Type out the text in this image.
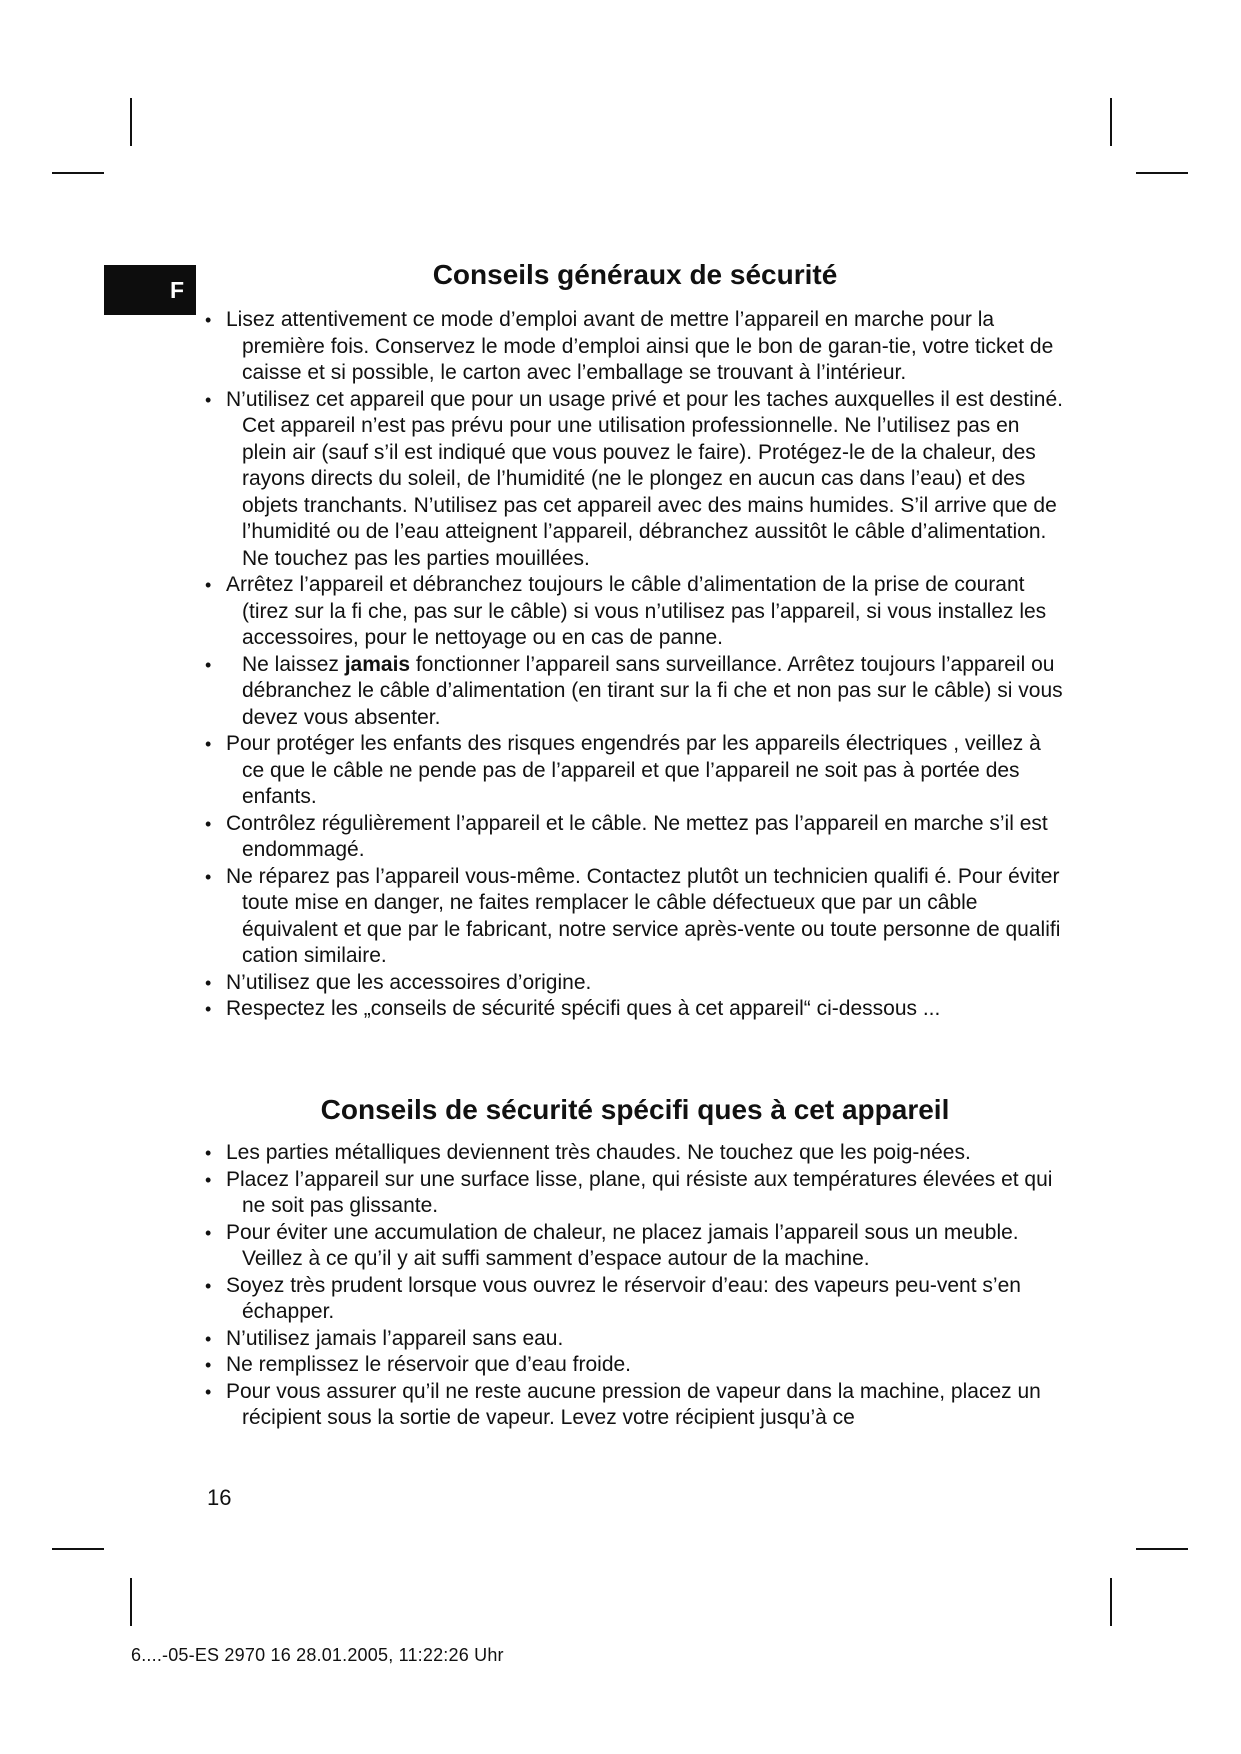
F	Conseils généraux de sécurité
• Lisez attentivement ce mode d’emploi avant de mettre l’appareil en marche pour la première fois. Conservez le mode d’emploi ainsi que le bon de garan-tie, votre ticket de caisse et si possible, le carton avec l’emballage se trouvant à l’intérieur.
• N’utilisez cet appareil que pour un usage privé et pour les taches auxquelles il est destiné. Cet appareil n’est pas prévu pour une utilisation professionnelle. Ne l’utilisez pas en plein air (sauf s’il est indiqué que vous pouvez le faire). Protégez-le de la chaleur, des rayons directs du soleil, de l’humidité (ne le plongez en aucun cas dans l’eau) et des objets tranchants. N’utilisez pas cet appareil avec des mains humides. S’il arrive que de l’humidité ou de l’eau atteignent l’appareil, débranchez aussitôt le câble d’alimentation. Ne touchez pas les parties mouillées.
• Arrêtez l’appareil et débranchez toujours le câble d’alimentation de la prise de courant (tirez sur la fi che, pas sur le câble) si vous n’utilisez pas l’appareil, si vous installez les accessoires, pour le nettoyage ou en cas de panne.
• Ne laissez jamais fonctionner l’appareil sans surveillance. Arrêtez toujours l’appareil ou débranchez le câble d’alimentation (en tirant sur la fi che et non pas sur le câble) si vous devez vous absenter.
• Pour protéger les enfants des risques engendrés par les appareils électriques , veillez à ce que le câble ne pende pas de l’appareil et que l’appareil ne soit pas à portée des enfants.
• Contrôlez régulièrement l’appareil et le câble. Ne mettez pas l’appareil en marche s’il est endommagé.
• Ne réparez pas l’appareil vous-même. Contactez plutôt un technicien qualifi é. Pour éviter toute mise en danger, ne faites remplacer le câble défectueux que par un câble équivalent et que par le fabricant, notre service après-vente ou toute personne de qualifi cation similaire.
• N’utilisez que les accessoires d’origine.
• Respectez les „conseils de sécurité spécifi ques à cet appareil“ ci-dessous ...
Conseils de sécurité spécifi ques à cet appareil
• Les parties métalliques deviennent très chaudes. Ne touchez que les poig-nées.
• Placez l’appareil sur une surface lisse, plane, qui résiste aux températures élevées et qui ne soit pas glissante.
• Pour éviter une accumulation de chaleur, ne placez jamais l’appareil sous un meuble. Veillez à ce qu’il y ait suffi samment d’espace autour de la machine.
• Soyez très prudent lorsque vous ouvrez le réservoir d’eau: des vapeurs peu-vent s’en échapper.
• N’utilisez jamais l’appareil sans eau.
• Ne remplissez le réservoir que d’eau froide.
• Pour vous assurer qu’il ne reste aucune pression de vapeur dans la machine, placez un récipient sous la sortie de vapeur. Levez votre récipient jusqu’à ce
16
6....-05-ES 2970 16 28.01.2005, 11:22:26 Uhr
